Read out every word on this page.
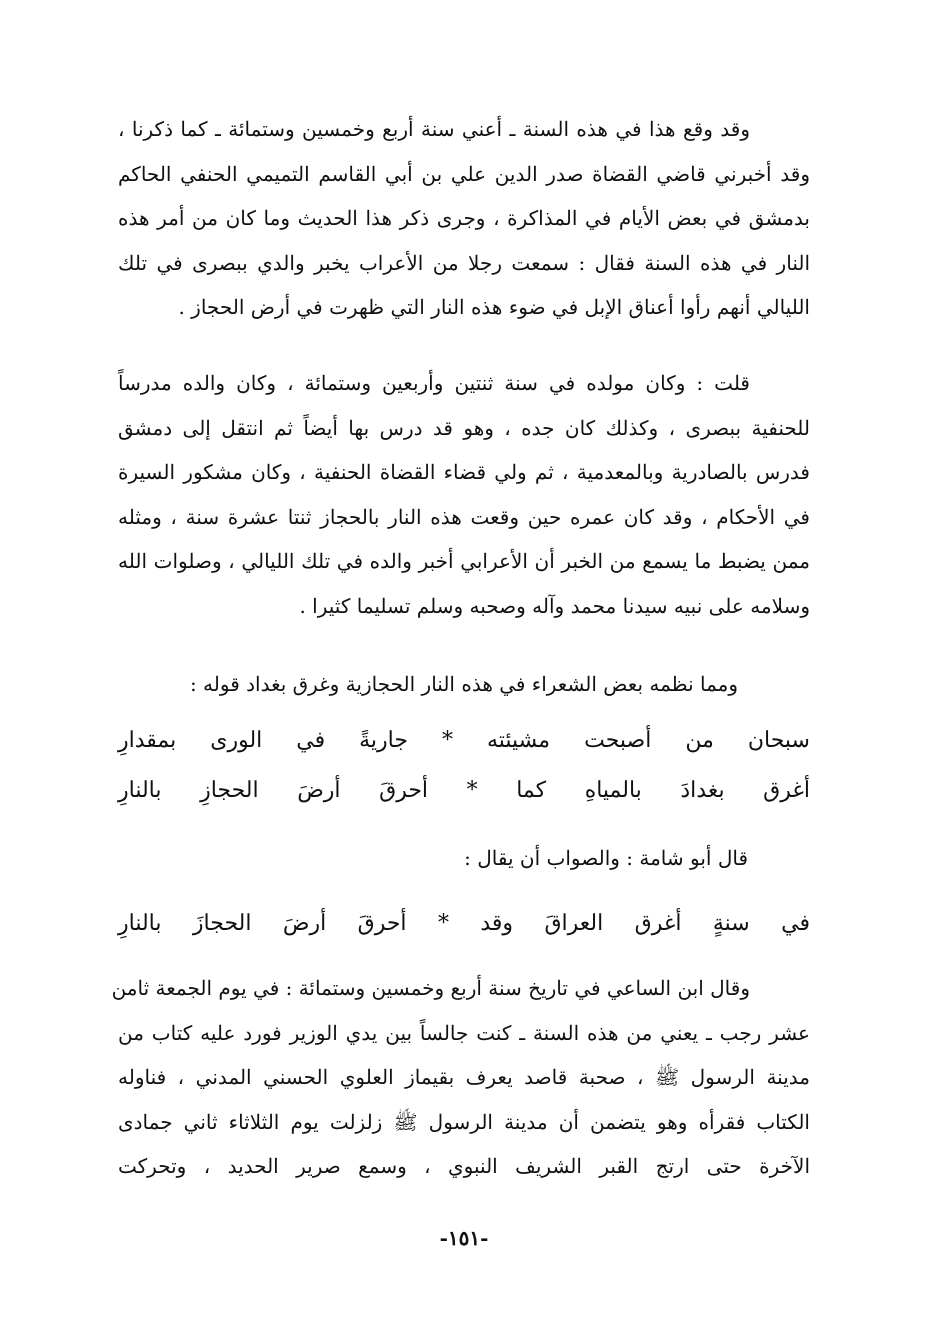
وقد وقع هذا في هذه السنة ـ أعني سنة أربع وخمسين وستمائة ـ كما ذكرنا ،
وقد أخبرني قاضي القضاة صدر الدين علي بن أبي القاسم التميمي الحنفي الحاكم
بدمشق في بعض الأيام في المذاكرة ، وجرى ذكر هذا الحديث وما كان من أمر هذه
النار في هذه السنة فقال : سمعت رجلا من الأعراب يخبر والدي ببصرى في تلك
الليالي أنهم رأوا أعناق الإبل في ضوء هذه النار التي ظهرت في أرض الحجاز .
قلت : وكان مولده في سنة ثنتين وأربعين وستمائة ، وكان والده مدرساً
للحنفية ببصرى ، وكذلك كان جده ، وهو قد درس بها أيضاً ثم انتقل إلى دمشق
فدرس بالصادرية وبالمعدمية ، ثم ولي قضاء القضاة الحنفية ، وكان مشكور السيرة
في الأحكام ، وقد كان عمره حين وقعت هذه النار بالحجاز ثنتا عشرة سنة ، ومثله
ممن يضبط ما يسمع من الخبر أن الأعرابي أخبر والده في تلك الليالي ، وصلوات الله
وسلامه على نبيه سيدنا محمد وآله وصحبه وسلم تسليما كثيرا .
ومما نظمه بعض الشعراء في هذه النار الحجازية وغرق بغداد قوله :
سبحان من أصبحت مشيئته * جاريةً في الورى بمقدارِ
أغرق بغدادَ بالمياهِ كما * أحرقَ أرضَ الحجازِ بالنارِ
قال أبو شامة : والصواب أن يقال :
في
سنةٍ
أغرق
العراقَ
وقد
*
أحرقَ
أرضَ
الحجازَ
بالنارِ
وقال ابن الساعي في تاريخ سنة أربع وخمسين وستمائة : في يوم الجمعة ثامن
عشر رجب ـ يعني من هذه السنة ـ كنت جالساً بين يدي الوزير فورد عليه كتاب من
مدينة الرسول ﷺ ، صحبة قاصد يعرف بقيماز العلوي الحسني المدني ، فناوله
الكتاب فقرأه وهو يتضمن أن مدينة الرسول ﷺ زلزلت يوم الثلاثاء ثاني جمادى
الآخرة حتى ارتج القبر الشريف النبوي ، وسمع صرير الحديد ، وتحركت
-١٥١-
